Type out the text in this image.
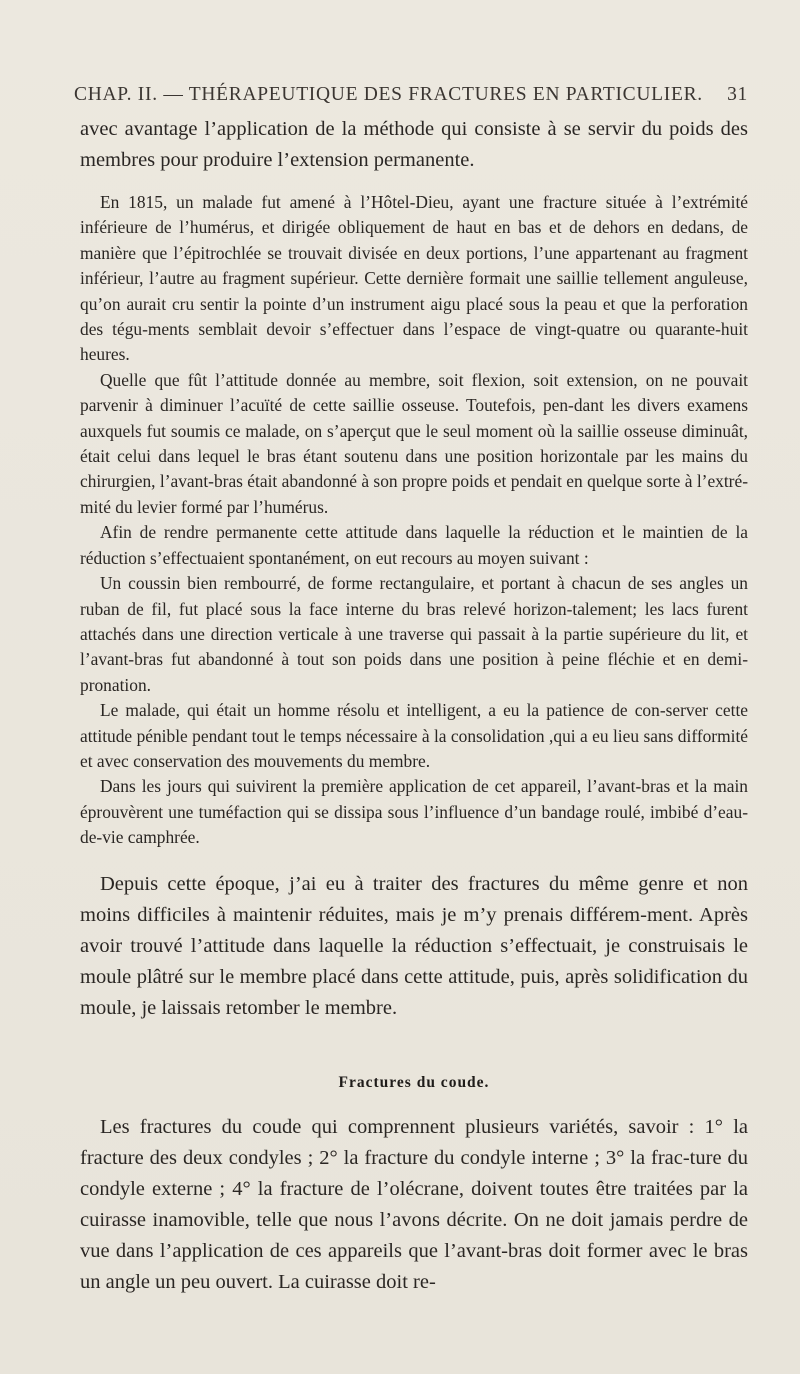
CHAP. II. — THÉRAPEUTIQUE DES FRACTURES EN PARTICULIER.	31

avec avantage l’application de la méthode qui consiste à se servir du poids des membres pour produire l’extension permanente.

En 1815, un malade fut amené à l’Hôtel-Dieu, ayant une fracture située à l’extrémité inférieure de l’humérus, et dirigée obliquement de haut en bas et de dehors en dedans, de manière que l’épitrochlée se trouvait divisée en deux portions, l’une appartenant au fragment inférieur, l’autre au fragment supérieur. Cette dernière formait une saillie tellement anguleuse, qu’on aurait cru sentir la pointe d’un instrument aigu placé sous la peau et que la perforation des tégu-ments semblait devoir s’effectuer dans l’espace de vingt-quatre ou quarante-huit heures.

Quelle que fût l’attitude donnée au membre, soit flexion, soit extension, on ne pouvait parvenir à diminuer l’acuïté de cette saillie osseuse. Toutefois, pen-dant les divers examens auxquels fut soumis ce malade, on s’aperçut que le seul moment où la saillie osseuse diminuât, était celui dans lequel le bras étant soutenu dans une position horizontale par les mains du chirurgien, l’avant-bras était abandonné à son propre poids et pendait en quelque sorte à l’extré-mité du levier formé par l’humérus.

Afin de rendre permanente cette attitude dans laquelle la réduction et le maintien de la réduction s’effectuaient spontanément, on eut recours au moyen suivant :

Un coussin bien rembourré, de forme rectangulaire, et portant à chacun de ses angles un ruban de fil, fut placé sous la face interne du bras relevé horizon-talement; les lacs furent attachés dans une direction verticale à une traverse qui passait à la partie supérieure du lit, et l’avant-bras fut abandonné à tout son poids dans une position à peine fléchie et en demi-pronation.

Le malade, qui était un homme résolu et intelligent, a eu la patience de con-server cette attitude pénible pendant tout le temps nécessaire à la consolidation ,qui a eu lieu sans difformité et avec conservation des mouvements du membre.

Dans les jours qui suivirent la première application de cet appareil, l’avant-bras et la main éprouvèrent une tuméfaction qui se dissipa sous l’influence d’un bandage roulé, imbibé d’eau-de-vie camphrée.

Depuis cette époque, j’ai eu à traiter des fractures du même genre et non moins difficiles à maintenir réduites, mais je m’y prenais différem-ment. Après avoir trouvé l’attitude dans laquelle la réduction s’effectuait, je construisais le moule plâtré sur le membre placé dans cette attitude, puis, après solidification du moule, je laissais retomber le membre.

Fractures du coude.

Les fractures du coude qui comprennent plusieurs variétés, savoir : 1° la fracture des deux condyles ; 2° la fracture du condyle interne ; 3° la frac-ture du condyle externe ; 4° la fracture de l’olécrane, doivent toutes être traitées par la cuirasse inamovible, telle que nous l’avons décrite. On ne doit jamais perdre de vue dans l’application de ces appareils que l’avant-bras doit former avec le bras un angle un peu ouvert. La cuirasse doit re-
